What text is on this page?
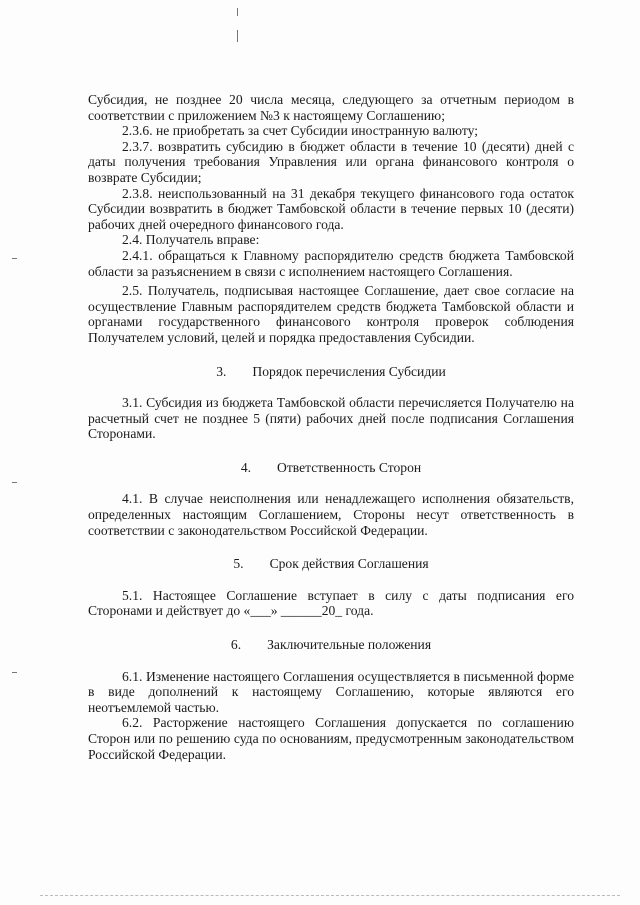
Субсидия, не позднее 20 числа месяца, следующего за отчетным периодом в соответствии с приложением №3 к настоящему Соглашению;

2.3.6. не приобретать за счет Субсидии иностранную валюту;

2.3.7. возвратить субсидию в бюджет области в течение 10 (десяти) дней с даты получения требования Управления или органа финансового контроля о возврате Субсидии;

2.3.8. неиспользованный на 31 декабря текущего финансового года остаток Субсидии возвратить в бюджет Тамбовской области в течение первых 10 (десяти) рабочих дней очередного финансового года.

2.4. Получатель вправе:

2.4.1. обращаться к Главному распорядителю средств бюджета Тамбовской области за разъяснением в связи с исполнением настоящего Соглашения.

2.5. Получатель, подписывая настоящее Соглашение, дает свое согласие на осуществление Главным распорядителем средств бюджета Тамбовской области и органами государственного финансового контроля проверок соблюдения Получателем условий, целей и порядка предоставления Субсидии.

3. Порядок перечисления Субсидии

3.1. Субсидия из бюджета Тамбовской области перечисляется Получателю на расчетный счет не позднее 5 (пяти) рабочих дней после подписания Соглашения Сторонами.

4. Ответственность Сторон

4.1. В случае неисполнения или ненадлежащего исполнения обязательств, определенных настоящим Соглашением, Стороны несут ответственность в соответствии с законодательством Российской Федерации.

5. Срок действия Соглашения

5.1. Настоящее Соглашение вступает в силу с даты подписания его Сторонами и действует до «___» ______20_ года.

6. Заключительные положения

6.1. Изменение настоящего Соглашения осуществляется в письменной форме в виде дополнений к настоящему Соглашению, которые являются его неотъемлемой частью.

6.2. Расторжение настоящего Соглашения допускается по соглашению Сторон или по решению суда по основаниям, предусмотренным законодательством Российской Федерации.
